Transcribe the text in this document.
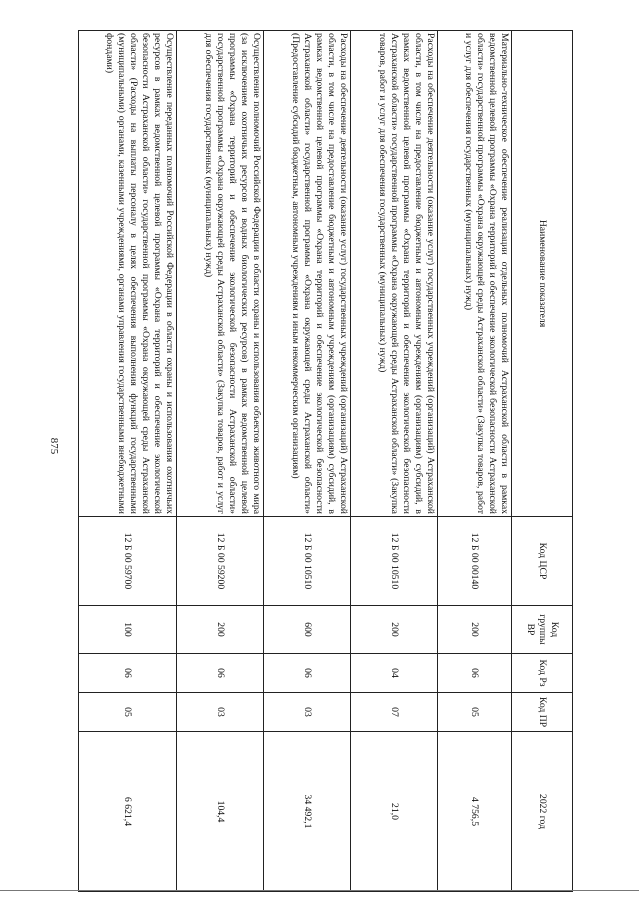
875
Наименование показателя	Код ЦСР	Код группы ВР	Код Рз	Код ПР	2022 год
Материально-техническое обеспечение реализации отдельных полномочий Астраханской области в рамках ведомственной целевой программы «Охрана территорий и обеспечение экологической безопасности Астраханской области» государственной программы «Охрана окружающей среды Астраханской области» (Закупка товаров, работ и услуг для обеспечения государственных (муниципальных) нужд)	12 Б 00 00140	200	06	05	4 756,5
Расходы на обеспечение деятельности (оказание услуг) государственных учреждений (организаций) Астраханской области, в том числе на предоставление бюджетным и автономным учреждениям (организациям) субсидий, в рамках ведомственной целевой программы «Охрана территорий и обеспечение экологической безопасности Астраханской области» государственной программы «Охрана окружающей среды Астраханской области» (Закупка товаров, работ и услуг для обеспечения государственных (муниципальных) нужд)	12 Б 00 10510	200	04	07	21,0
Расходы на обеспечение деятельности (оказание услуг) государственных учреждений (организаций) Астраханской области, в том числе на предоставление бюджетным и автономным учреждениям (организациям) субсидий, в рамках ведомственной целевой программы «Охрана территорий и обеспечение экологической безопасности Астраханской области» государственной программы «Охрана окружающей среды Астраханской области» (Предоставление субсидий бюджетным, автономным учреждениям и иным некоммерческим организациям)	12 Б 00 10510	600	06	03	34 492,1
Осуществление полномочий Российской Федерации в области охраны и использования объектов животного мира (за исключением охотничьих ресурсов и водных биологических ресурсов) в рамках ведомственной целевой программы «Охрана территорий и обеспечение экологической безопасности Астраханской области» государственной программы «Охрана окружающей среды Астраханской области» (Закупка товаров, работ и услуг для обеспечения государственных (муниципальных) нужд)	12 Б 00 59200	200	06	03	104,4
Осуществление переданных полномочий Российской Федерации в области охраны и использования охотничьих ресурсов в рамках ведомственной целевой программы «Охрана территорий и обеспечение экологической безопасности Астраханской области» государственной программы «Охрана окружающей среды Астраханской области» (Расходы на выплаты персоналу в целях обеспечения выполнения функций государственными (муниципальными) органами, казенными учреждениями, органами управления государственными внебюджетными фондами)	12 Б 00 59700	100	06	05	6 621,4
